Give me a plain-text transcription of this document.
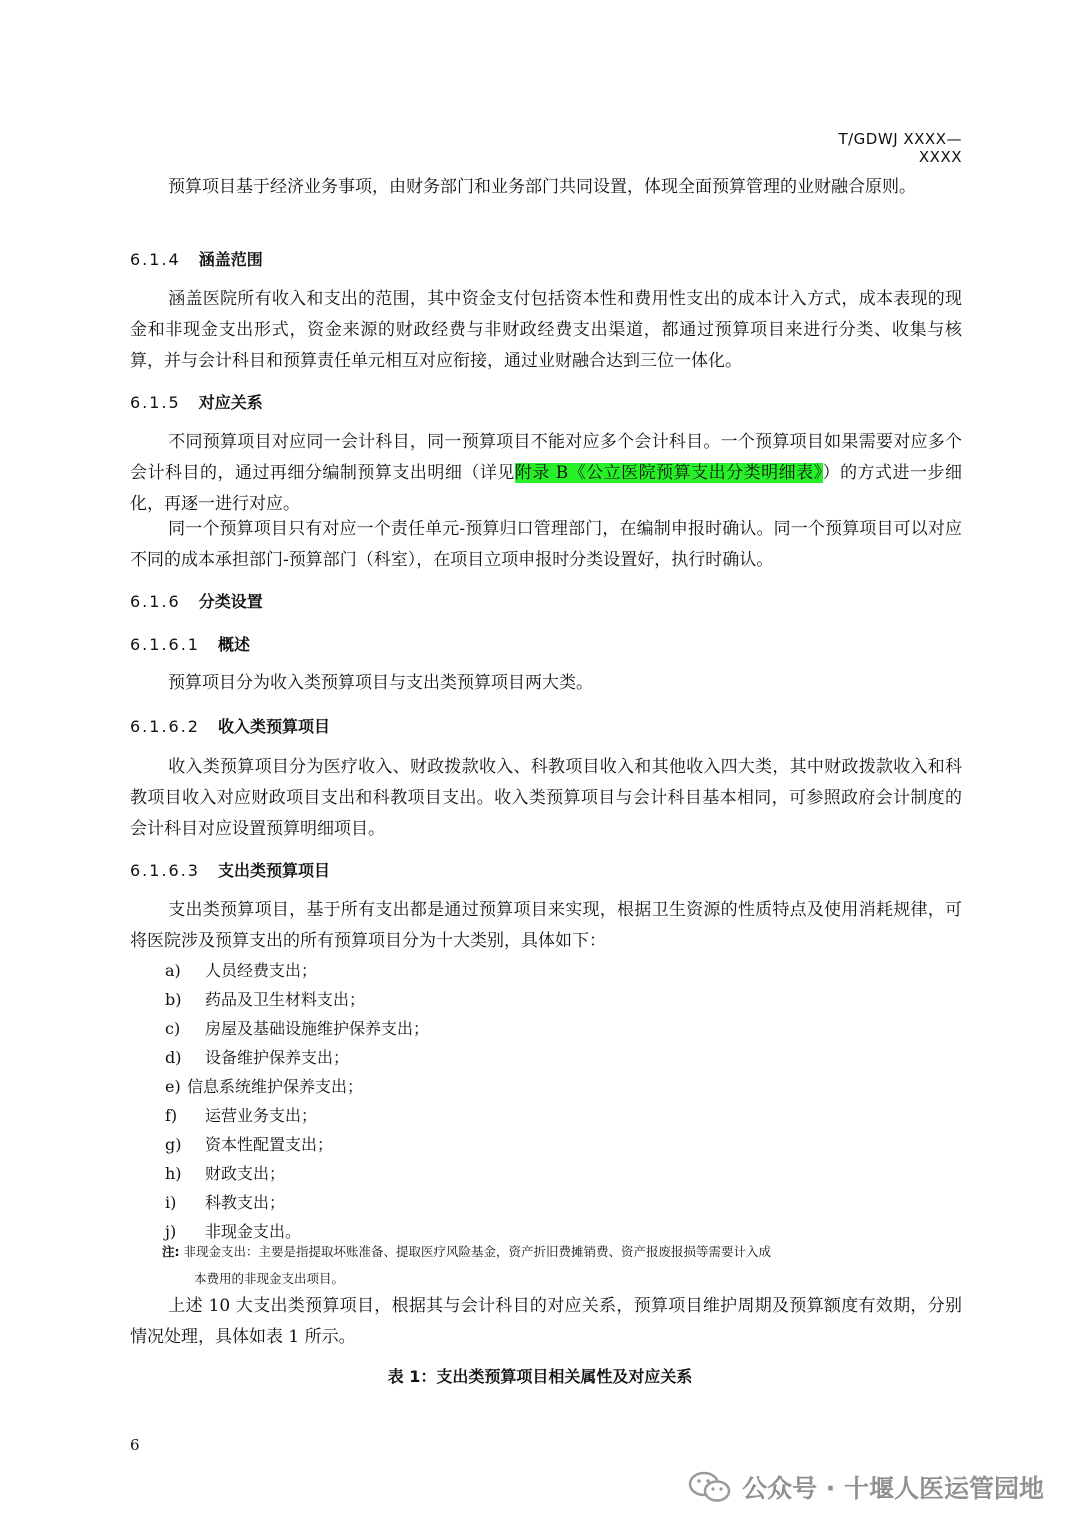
T/GDWJ XXXX—XXXX
预算项目基于经济业务事项，由财务部门和业务部门共同设置，体现全面预算管理的业财融合原则。
6.1.4 涵盖范围
涵盖医院所有收入和支出的范围，其中资金支付包括资本性和费用性支出的成本计入方式，成本表现的现金和非现金支出形式，资金来源的财政经费与非财政经费支出渠道，都通过预算项目来进行分类、收集与核算，并与会计科目和预算责任单元相互对应衔接，通过业财融合达到三位一体化。
6.1.5 对应关系
不同预算项目对应同一会计科目，同一预算项目不能对应多个会计科目。一个预算项目如果需要对应多个会计科目的，通过再细分编制预算支出明细（详见附录 B《公立医院预算支出分类明细表》）的方式进一步细化，再逐一进行对应。
同一个预算项目只有对应一个责任单元-预算归口管理部门，在编制申报时确认。同一个预算项目可以对应不同的成本承担部门-预算部门（科室），在项目立项申报时分类设置好，执行时确认。
6.1.6 分类设置
6.1.6.1 概述
预算项目分为收入类预算项目与支出类预算项目两大类。
6.1.6.2 收入类预算项目
收入类预算项目分为医疗收入、财政拨款收入、科教项目收入和其他收入四大类，其中财政拨款收入和科教项目收入对应财政项目支出和科教项目支出。收入类预算项目与会计科目基本相同，可参照政府会计制度的会计科目对应设置预算明细项目。
6.1.6.3 支出类预算项目
支出类预算项目，基于所有支出都是通过预算项目来实现，根据卫生资源的性质特点及使用消耗规律，可将医院涉及预算支出的所有预算项目分为十大类别，具体如下：
a) 人员经费支出；
b) 药品及卫生材料支出；
c) 房屋及基础设施维护保养支出；
d) 设备维护保养支出；
e) 信息系统维护保养支出；
f) 运营业务支出；
g) 资本性配置支出；
h) 财政支出；
i) 科教支出；
j) 非现金支出。
注: 非现金支出：主要是指提取坏账准备、提取医疗风险基金，资产折旧费摊销费、资产报废报损等需要计入成
本费用的非现金支出项目。
上述 10 大支出类预算项目，根据其与会计科目的对应关系，预算项目维护周期及预算额度有效期，分别情况处理，具体如表 1 所示。
表 1：支出类预算项目相关属性及对应关系
6
公众号 · 十堰人医运管园地
